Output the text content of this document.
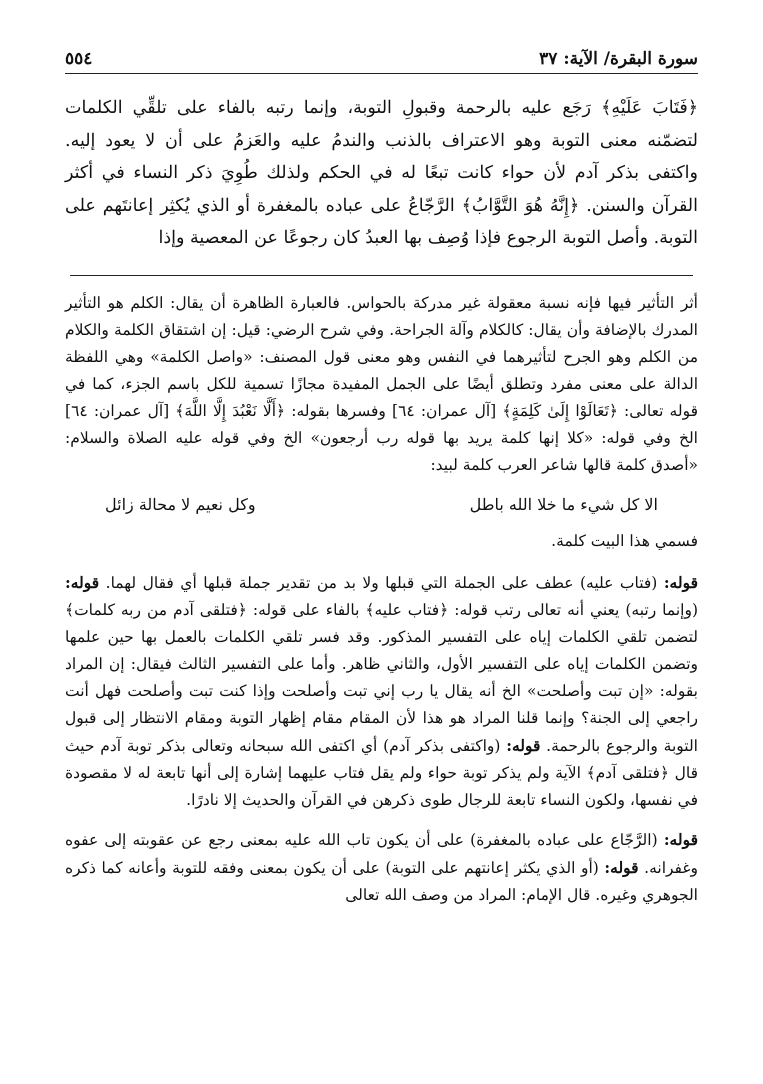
٥٥٤	سورة البقرة/ الآية: ٣٧
﴿فَتَابَ عَلَيْهِ﴾ رَجَع عليه بالرحمة وقبولِ التوبة، وإنما رتبه بالفاء على تلقِّي الكلمات لتضمّنه معنى التوبة وهو الاعتراف بالذنب والندمُ عليه والعَزمُ على أن لا يعود إليه. واكتفى بذكر آدم لأن حواء كانت تبعًا له في الحكم ولذلك طُوِيَ ذكر النساء في أكثر القرآن والسنن. ﴿إِنَّهُ هُوَ التَّوَّابُ﴾ الرَّجّاعُ على عباده بالمغفرة أو الذي يُكثِر إعانتَهم على التوبة. وأصل التوبة الرجوع فإذا وُصِف بها العبدُ كان رجوعًا عن المعصية وإذا

أثر التأثير فيها فإنه نسبة معقولة غير مدركة بالحواس. فالعبارة الظاهرة أن يقال: الكلم هو التأثير المدرك بالإضافة وأن يقال: كالكلام وآلة الجراحة. وفي شرح الرضي: قيل: إن اشتقاق الكلمة والكلام من الكلم وهو الجرح لتأثيرهما في النفس وهو معنى قول المصنف: «واصل الكلمة» وهي اللفظة الدالة على معنى مفرد وتطلق أيضًا على الجمل المفيدة مجازًا تسمية للكل باسم الجزء، كما في قوله تعالى: ﴿تَعَالَوْا إِلَىٰ كَلِمَةٍ﴾ [آل عمران: ٦٤] وفسرها بقوله: ﴿أَلَّا نَعْبُدَ إِلَّا اللَّهَ﴾ [آل عمران: ٦٤] الخ وفي قوله: «كلا إنها كلمة يريد بها قوله رب أرجعون» الخ وفي قوله عليه الصلاة والسلام: «أصدق كلمة قالها شاعر العرب كلمة لبيد:

الا كل شيء ما خلا الله باطل
وكل نعيم لا محالة زائل

فسمي هذا البيت كلمة.

قوله: (فتاب عليه) عطف على الجملة التي قبلها ولا بد من تقدير جملة قبلها أي فقال لهما. قوله: (وإنما رتبه) يعني أنه تعالى رتب قوله: ﴿فتاب عليه﴾ بالفاء على قوله: ﴿فتلقى آدم من ربه كلمات﴾ لتضمن تلقي الكلمات إياه على التفسير المذكور. وقد فسر تلقي الكلمات بالعمل بها حين علمها وتضمن الكلمات إياه على التفسير الأول، والثاني ظاهر. وأما على التفسير الثالث فيقال: إن المراد بقوله: «إن تبت وأصلحت» الخ أنه يقال يا رب إني تبت وأصلحت وإذا كنت تبت وأصلحت فهل أنت راجعي إلى الجنة؟ وإنما قلنا المراد هو هذا لأن المقام مقام إظهار التوبة ومقام الانتظار إلى قبول التوبة والرجوع بالرحمة. قوله: (واكتفى بذكر آدم) أي اكتفى الله سبحانه وتعالى بذكر توبة آدم حيث قال ﴿فتلقى آدم﴾ الآية ولم يذكر توبة حواء ولم يقل فتاب عليهما إشارة إلى أنها تابعة له لا مقصودة في نفسها، ولكون النساء تابعة للرجال طوى ذكرهن في القرآن والحديث إلا نادرًا.

قوله: (الرَّجّاع على عباده بالمغفرة) على أن يكون تاب الله عليه بمعنى رجع عن عقوبته إلى عفوه وغفرانه. قوله: (أو الذي يكثر إعانتهم على التوبة) على أن يكون بمعنى وفقه للتوبة وأعانه كما ذكره الجوهري وغيره. قال الإمام: المراد من وصف الله تعالى
